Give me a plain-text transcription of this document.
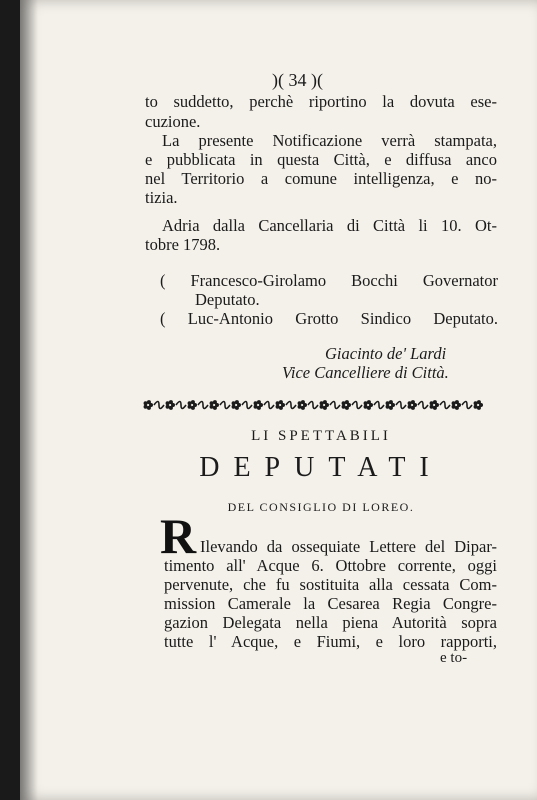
)( 34 )(
to suddetto, perchè riportino la dovuta ese-
cuzione.
La presente Notificazione verrà stampata,
e pubblicata in questa Città, e diffusa anco
nel Territorio a comune intelligenza, e no-
tizia.
Adria dalla Cancellaria di Città li 10. Ot-
tobre 1798.
( Francesco-Girolamo Bocchi Governator
Deputato.
( Luc-Antonio Grotto Sindico Deputato.
Giacinto de' Lardi
Vice Cancelliere di Città.
LI SPETTABILI
DEPUTATI
DEL CONSIGLIO DI LOREO.
R Ilevando da ossequiate Lettere del Dipar-
timento all' Acque 6. Ottobre corrente, oggi
pervenute, che fu sostituita alla cessata Com-
mission Camerale la Cesarea Regia Congre-
gazion Delegata nella piena Autorità sopra
tutte l' Acque, e Fiumi, e loro rapporti,
e to-
